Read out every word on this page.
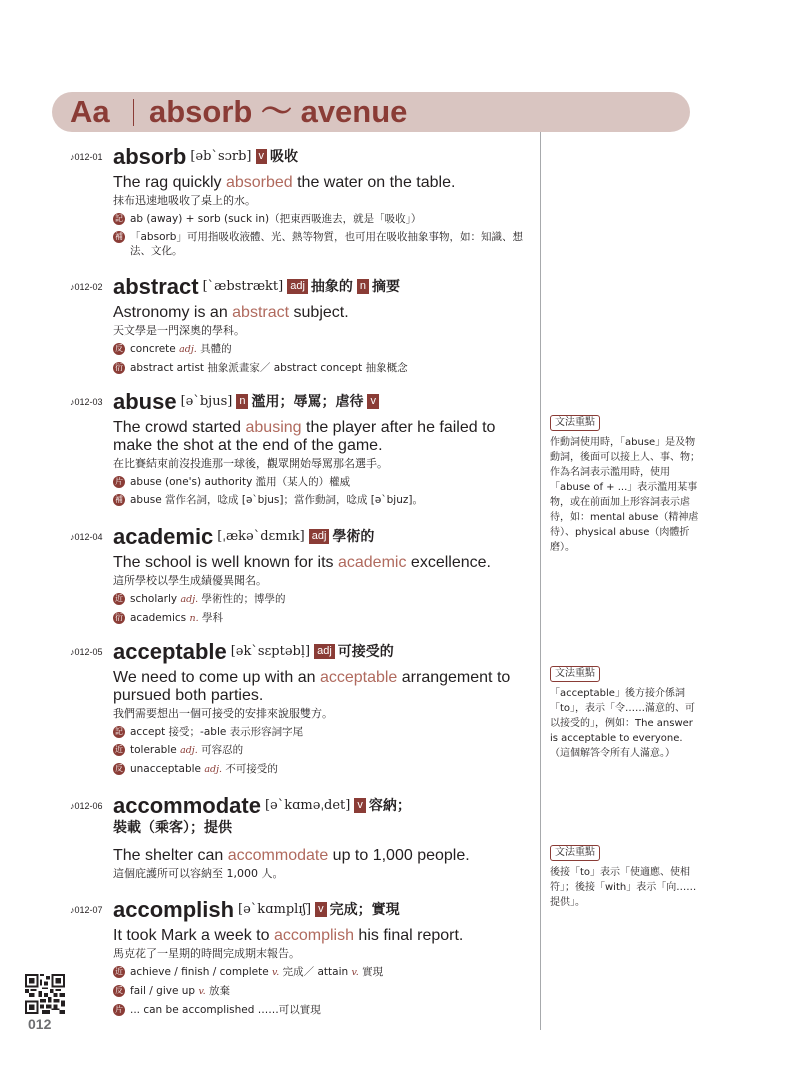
Aa absorb ～ avenue
♪012-01 absorb [əbˋsɔrb] v 吸收
The rag quickly absorbed the water on the table.
抹布迅速地吸收了桌上的水。
記 ab (away) + sorb (suck in)（把東西吸進去，就是「吸收」）
補 「absorb」可用指吸收液體、光、熱等物質，也可用在吸收抽象事物，如：知識、想法、文化。
♪012-02 abstract [ˋæbstrækt] adj 抽象的 n 摘要
Astronomy is an abstract subject.
天文學是一門深奧的學科。
反 concrete adj. 具體的
衍 abstract artist 抽象派畫家／ abstract concept 抽象概念
♪012-03 abuse [əˋbjus] n 濫用；辱罵；虐待 v
The crowd started abusing the player after he failed to make the shot at the end of the game.
在比賽結束前沒投進那一球後，觀眾開始辱罵那名選手。
片 abuse (one's) authority 濫用（某人的）權威
補 abuse 當作名詞，唸成 [əˋbjus]；當作動詞，唸成 [əˋbjuz]。
♪012-04 academic [ˌækəˋdɛmɪk] adj 學術的
The school is well known for its academic excellence.
這所學校以學生成績優異聞名。
近 scholarly adj. 學術性的；博學的
衍 academics n. 學科
♪012-05 acceptable [əkˋsɛptəbḷ] adj 可接受的
We need to come up with an acceptable arrangement to pursued both parties.
我們需要想出一個可接受的安排來說服雙方。
記 accept 接受；-able 表示形容詞字尾
近 tolerable adj. 可容忍的
反 unacceptable adj. 不可接受的
♪012-06 accommodate [əˋkɑməˌdet] v 容納；
裝載（乘客）；提供
The shelter can accommodate up to 1,000 people.
這個庇護所可以容納至 1,000 人。
♪012-07 accomplish [əˋkɑmplɪʃ] v 完成；實現
It took Mark a week to accomplish his final report.
馬克花了一星期的時間完成期末報告。
近 achieve / finish / complete v. 完成／ attain v. 實現
反 fail / give up v. 放棄
片 ... can be accomplished ……可以實現
文法重點
作動詞使用時，「abuse」是及物動詞，後面可以接上人、事、物；作為名詞表示濫用時，使用「abuse of + ...」表示濫用某事物，或在前面加上形容詞表示虐待，如：mental abuse（精神虐待）、physical abuse（肉體折磨）。
文法重點
「acceptable」後方接介係詞「to」，表示「令……滿意的、可以接受的」，例如：The answer is acceptable to everyone.（這個解答令所有人滿意。）
文法重點
後接「to」表示「使適應、使相符」；後接「with」表示「向……提供」。
012
